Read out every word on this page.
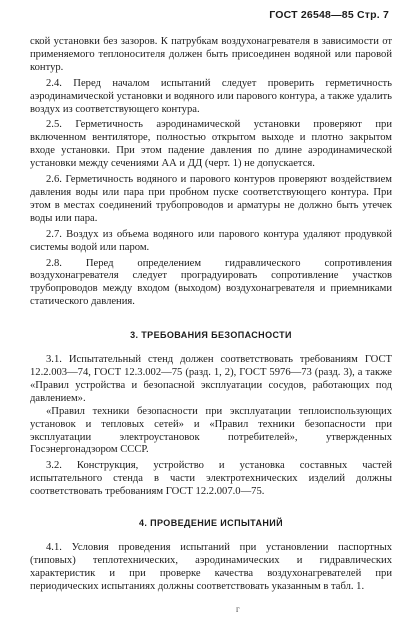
ГОСТ 26548—85 Стр. 7

ской установки без зазоров. К патрубкам воздухонагревателя в зависимости от применяемого теплоносителя должен быть присоединен водяной или паровой контур.

2.4. Перед началом испытаний следует проверить герметичность аэродинамической установки и водяного или парового контура, а также удалить воздух из соответствующего контура.

2.5. Герметичность аэродинамической установки проверяют при включенном вентиляторе, полностью открытом выходе и плотно закрытом входе установки. При этом падение давления по длине аэродинамической установки между сечениями АА и ДД (черт. 1) не допускается.

2.6. Герметичность водяного и парового контуров проверяют воздействием давления воды или пара при пробном пуске соответствующего контура. При этом в местах соединений трубопроводов и арматуры не должно быть утечек воды или пара.

2.7. Воздух из объема водяного или парового контура удаляют продувкой системы водой или паром.

2.8. Перед определением гидравлического сопротивления воздухонагревателя следует проградуировать сопротивление участков трубопроводов между входом (выходом) воздухонагревателя и приемниками статического давления.

3. ТРЕБОВАНИЯ БЕЗОПАСНОСТИ

3.1. Испытательный стенд должен соответствовать требованиям ГОСТ 12.2.003—74, ГОСТ 12.3.002—75 (разд. 1, 2), ГОСТ 5976—73 (разд. 3), а также «Правил устройства и безопасной эксплуатации сосудов, работающих под давлением».

«Правил техники безопасности при эксплуатации теплоиспользующих установок и тепловых сетей» и «Правил техники безопасности при эксплуатации электроустановок потребителей», утвержденных Госэнергонадзором СССР.

3.2. Конструкция, устройство и установка составных частей испытательного стенда в части электротехнических изделий должны соответствовать требованиям ГОСТ 12.2.007.0—75.

4. ПРОВЕДЕНИЕ ИСПЫТАНИЙ

4.1. Условия проведения испытаний при установлении паспортных (типовых) теплотехнических, аэродинамических и гидравлических характеристик и при проверке качества воздухонагревателей при периодических испытаниях должны соответствовать указанным в табл. 1.

г
